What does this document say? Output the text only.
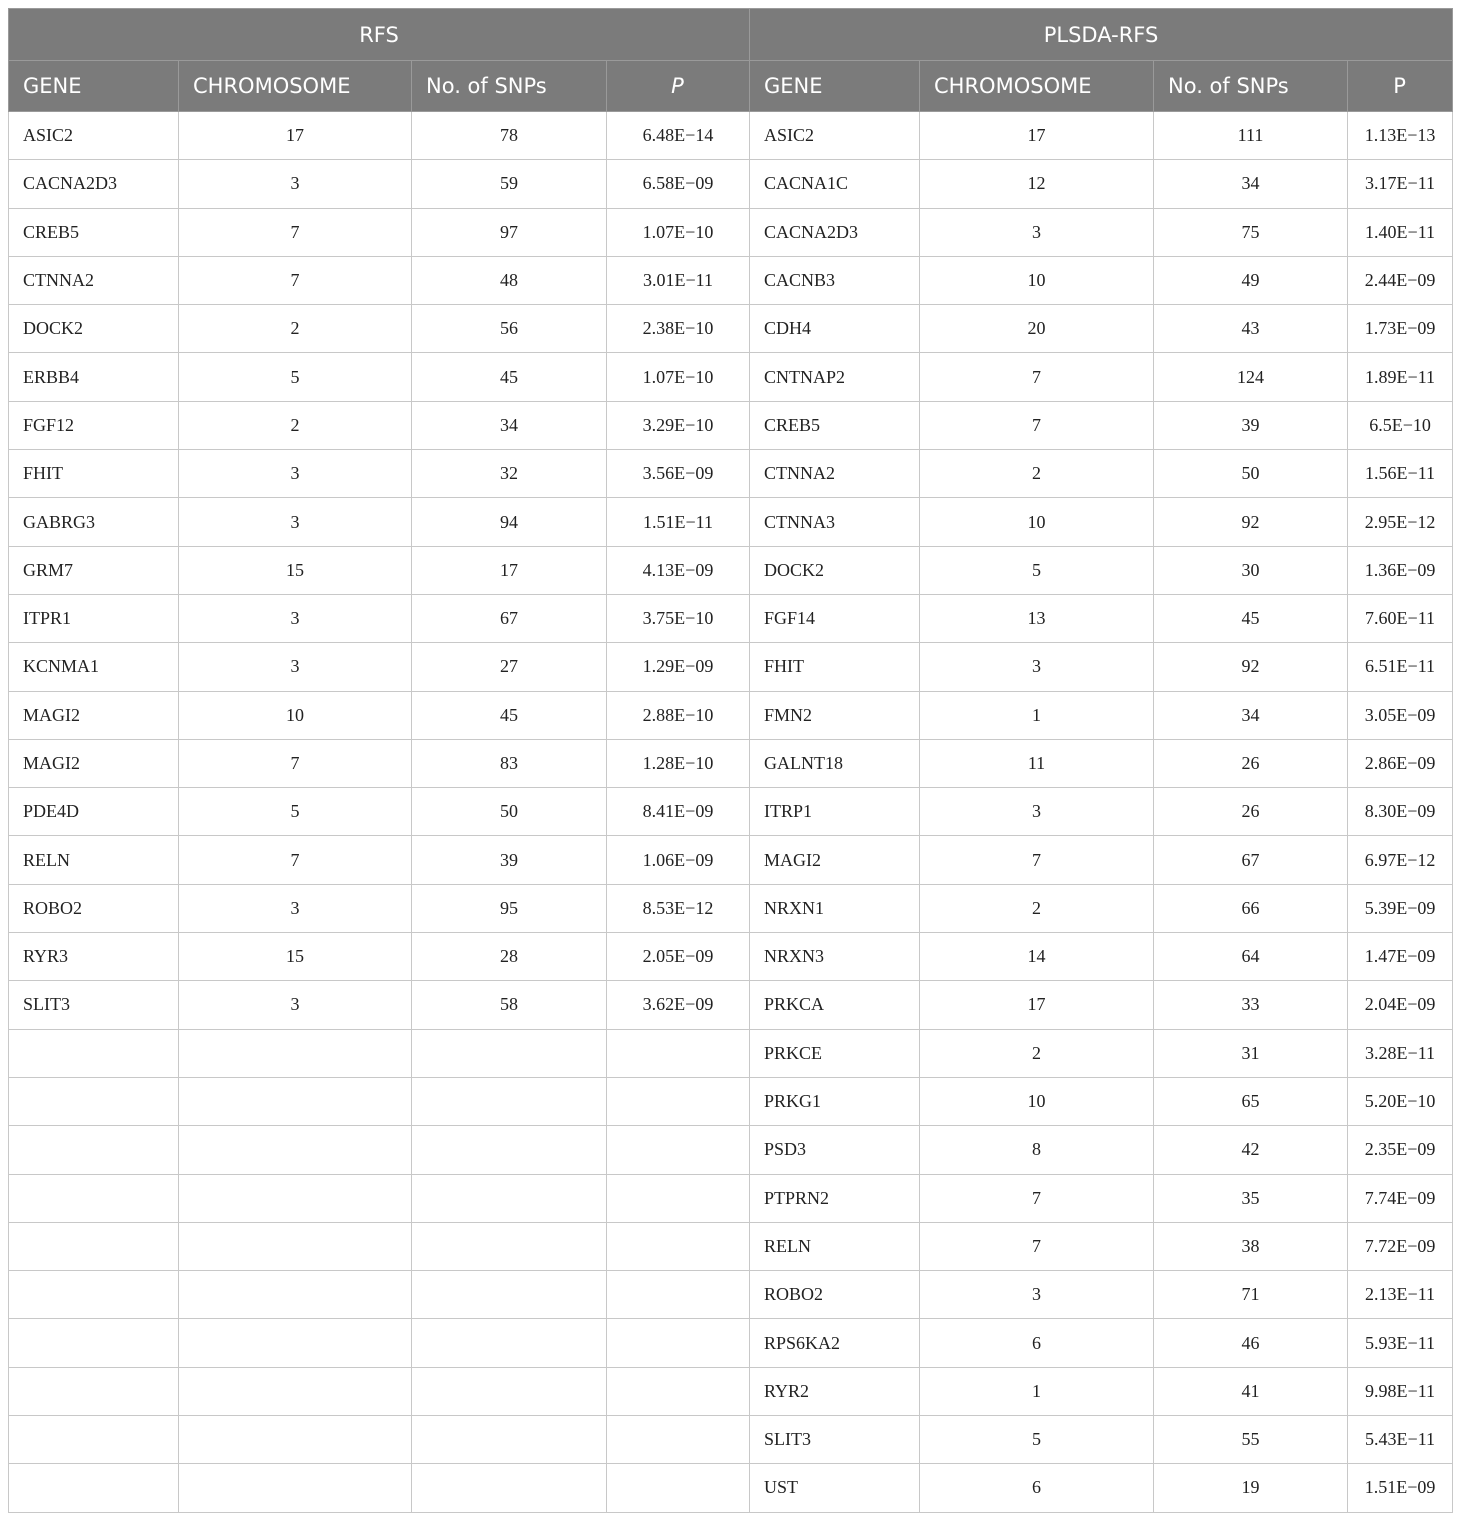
RFS				PLSDA-RFS			
GENE	CHROMOSOME	No. of SNPs	P	GENE	CHROMOSOME	No. of SNPs	P
ASIC2	17	78	6.48E−14	ASIC2	17	111	1.13E−13
CACNA2D3	3	59	6.58E−09	CACNA1C	12	34	3.17E−11
CREB5	7	97	1.07E−10	CACNA2D3	3	75	1.40E−11
CTNNA2	7	48	3.01E−11	CACNB3	10	49	2.44E−09
DOCK2	2	56	2.38E−10	CDH4	20	43	1.73E−09
ERBB4	5	45	1.07E−10	CNTNAP2	7	124	1.89E−11
FGF12	2	34	3.29E−10	CREB5	7	39	6.5E−10
FHIT	3	32	3.56E−09	CTNNA2	2	50	1.56E−11
GABRG3	3	94	1.51E−11	CTNNA3	10	92	2.95E−12
GRM7	15	17	4.13E−09	DOCK2	5	30	1.36E−09
ITPR1	3	67	3.75E−10	FGF14	13	45	7.60E−11
KCNMA1	3	27	1.29E−09	FHIT	3	92	6.51E−11
MAGI2	10	45	2.88E−10	FMN2	1	34	3.05E−09
MAGI2	7	83	1.28E−10	GALNT18	11	26	2.86E−09
PDE4D	5	50	8.41E−09	ITRP1	3	26	8.30E−09
RELN	7	39	1.06E−09	MAGI2	7	67	6.97E−12
ROBO2	3	95	8.53E−12	NRXN1	2	66	5.39E−09
RYR3	15	28	2.05E−09	NRXN3	14	64	1.47E−09
SLIT3	3	58	3.62E−09	PRKCA	17	33	2.04E−09
				PRKCE	2	31	3.28E−11
				PRKG1	10	65	5.20E−10
				PSD3	8	42	2.35E−09
				PTPRN2	7	35	7.74E−09
				RELN	7	38	7.72E−09
				ROBO2	3	71	2.13E−11
				RPS6KA2	6	46	5.93E−11
				RYR2	1	41	9.98E−11
				SLIT3	5	55	5.43E−11
				UST	6	19	1.51E−09
